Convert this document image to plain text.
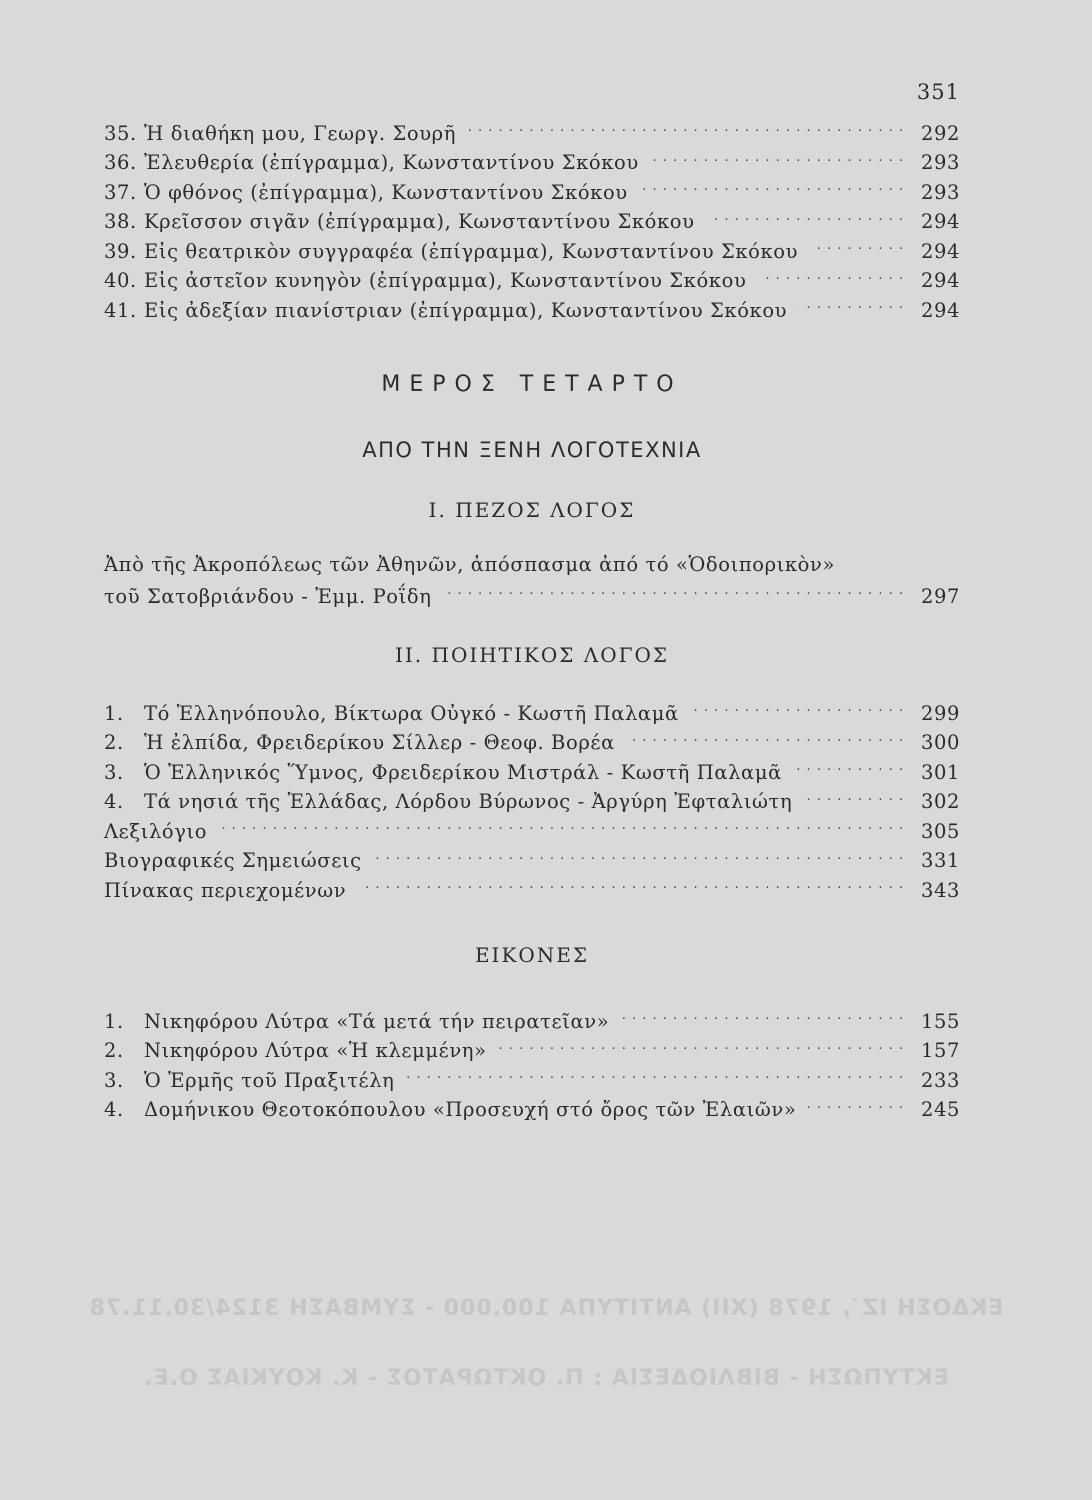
351
35. Ἡ διαθήκη μου, Γεωργ. Σουρῆ . . .	292
36. Ἐλευθερία (ἐπίγραμμα), Κωνσταντίνου Σκόκου . . .	293
37. Ὁ φθόνος (ἐπίγραμμα), Κωνσταντίνου Σκόκου . . .	293
38. Κρεῖσσον σιγᾶν (ἐπίγραμμα), Κωνσταντίνου Σκόκου . . .	294
39. Εἰς θεατρικὸν συγγραφέα (ἐπίγραμμα), Κωνσταντίνου Σκόκου . . .	294
40. Εἰς ἀστεῖον κυνηγὸν (ἐπίγραμμα), Κωνσταντίνου Σκόκου . . .	294
41. Εἰς ἀδεξίαν πιανίστριαν (ἐπίγραμμα), Κωνσταντίνου Σκόκου . . .	294
ΜΕΡΟΣ ΤΕΤΑΡΤΟ
ΑΠΟ ΤΗΝ ΞΕΝΗ ΛΟΓΟΤΕΧΝΙΑ
I. ΠΕΖΟΣ ΛΟΓΟΣ
Ἀπὸ τῆς Ἀκροπόλεως τῶν Ἀθηνῶν, ἀπόσπασμα ἀπό τό «Ὁδοιπορικὸν»
τοῦ Σατοβριάνδου - Ἐμμ. Ροΐδη . . .	297
II. ΠΟΙΗΤΙΚΟΣ ΛΟΓΟΣ
1.	Τό Ἑλληνόπουλο, Βίκτωρα Οὐγκό - Κωστῆ Παλαμᾶ . . .	299
2.	Ἡ ἐλπίδα, Φρειδερίκου Σίλλερ - Θεοφ. Βορέα . . .	300
3.	Ὁ Ἑλληνικός Ὕμνος, Φρειδερίκου Μιστράλ - Κωστῆ Παλαμᾶ . . .	301
4.	Τά νησιά τῆς Ἑλλάδας, Λόρδου Βύρωνος - Ἀργύρη Ἐφταλιώτη . . .	302
Λεξιλόγιο . . .	305
Βιογραφικές Σημειώσεις . . .	331
Πίνακας περιεχομένων . . .	343
ΕΙΚΟΝΕΣ
1.	Νικηφόρου Λύτρα «Τά μετά τήν πειρατεῖαν» . . .	155
2.	Νικηφόρου Λύτρα «Ἡ κλεμμένη» . . .	157
3.	Ὁ Ἑρμῆς τοῦ Πραξιτέλη . . .	233
4.	Δομήνικου Θεοτοκόπουλου «Προσευχή στό ὄρος τῶν Ἐλαιῶν» . . .	245
ΕΚΔΟΣΗ ΙΖ΄, 1978 (ΧΙΙ) ΑΝΤΙΤΥΠΑ 100.000 - ΣΥΜΒΑΣΗ 3124/30.11.78
ΕΚΤΥΠΩΣΗ - ΒΙΒΛΙΟΔΕΣΙΑ : Π. ΟΚΤΩΡΑΤΟΣ - Κ. ΚΟΥΚΙΑΣ Ο.Ε.
